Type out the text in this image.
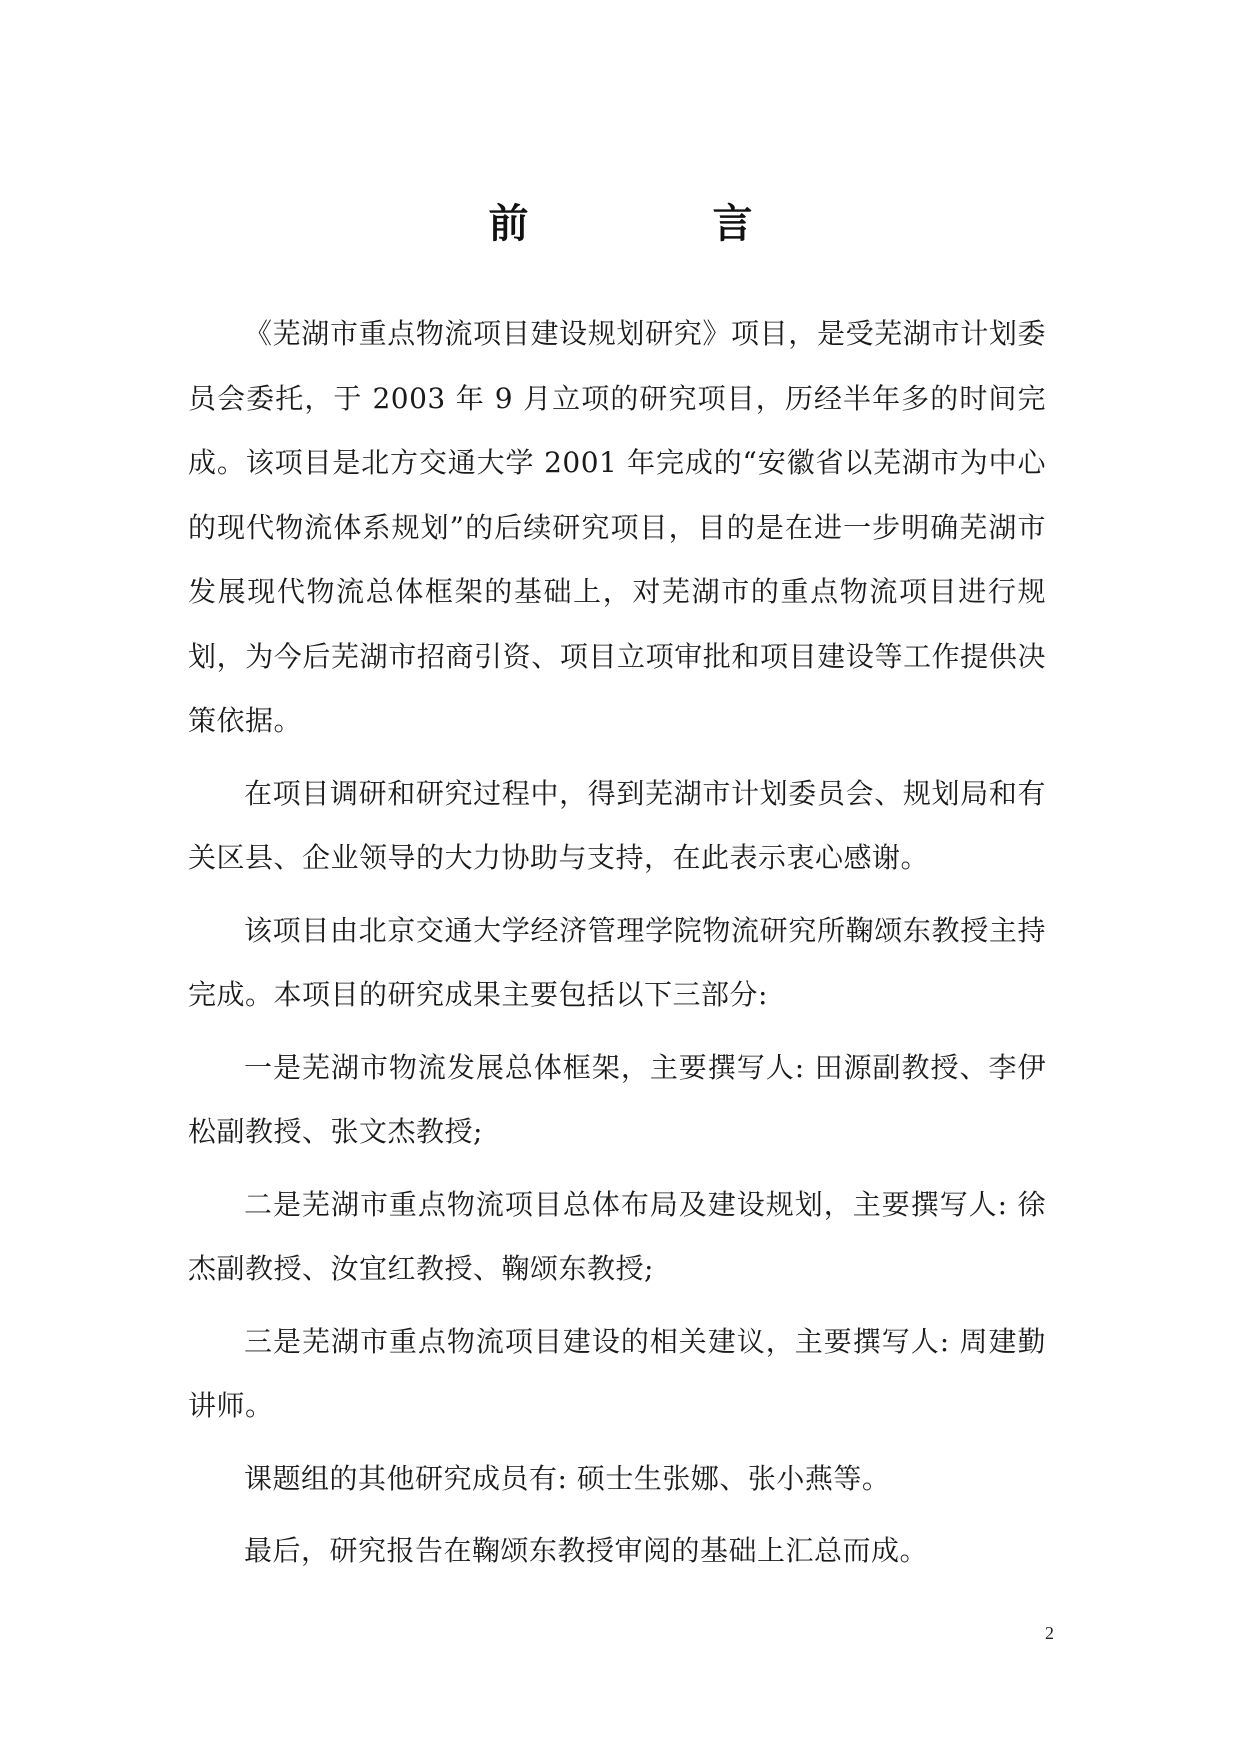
前　言

《芜湖市重点物流项目建设规划研究》项目，是受芜湖市计划委员会委托，于 2003 年 9 月立项的研究项目，历经半年多的时间完成。该项目是北方交通大学 2001 年完成的“安徽省以芜湖市为中心的现代物流体系规划”的后续研究项目，目的是在进一步明确芜湖市发展现代物流总体框架的基础上，对芜湖市的重点物流项目进行规划，为今后芜湖市招商引资、项目立项审批和项目建设等工作提供决策依据。

在项目调研和研究过程中，得到芜湖市计划委员会、规划局和有关区县、企业领导的大力协助与支持，在此表示衷心感谢。

该项目由北京交通大学经济管理学院物流研究所鞠颂东教授主持完成。本项目的研究成果主要包括以下三部分:

一是芜湖市物流发展总体框架，主要撰写人: 田源副教授、李伊松副教授、张文杰教授;

二是芜湖市重点物流项目总体布局及建设规划，主要撰写人: 徐杰副教授、汝宜红教授、鞠颂东教授;

三是芜湖市重点物流项目建设的相关建议，主要撰写人: 周建勤讲师。

课题组的其他研究成员有: 硕士生张娜、张小燕等。

最后，研究报告在鞠颂东教授审阅的基础上汇总而成。

2
